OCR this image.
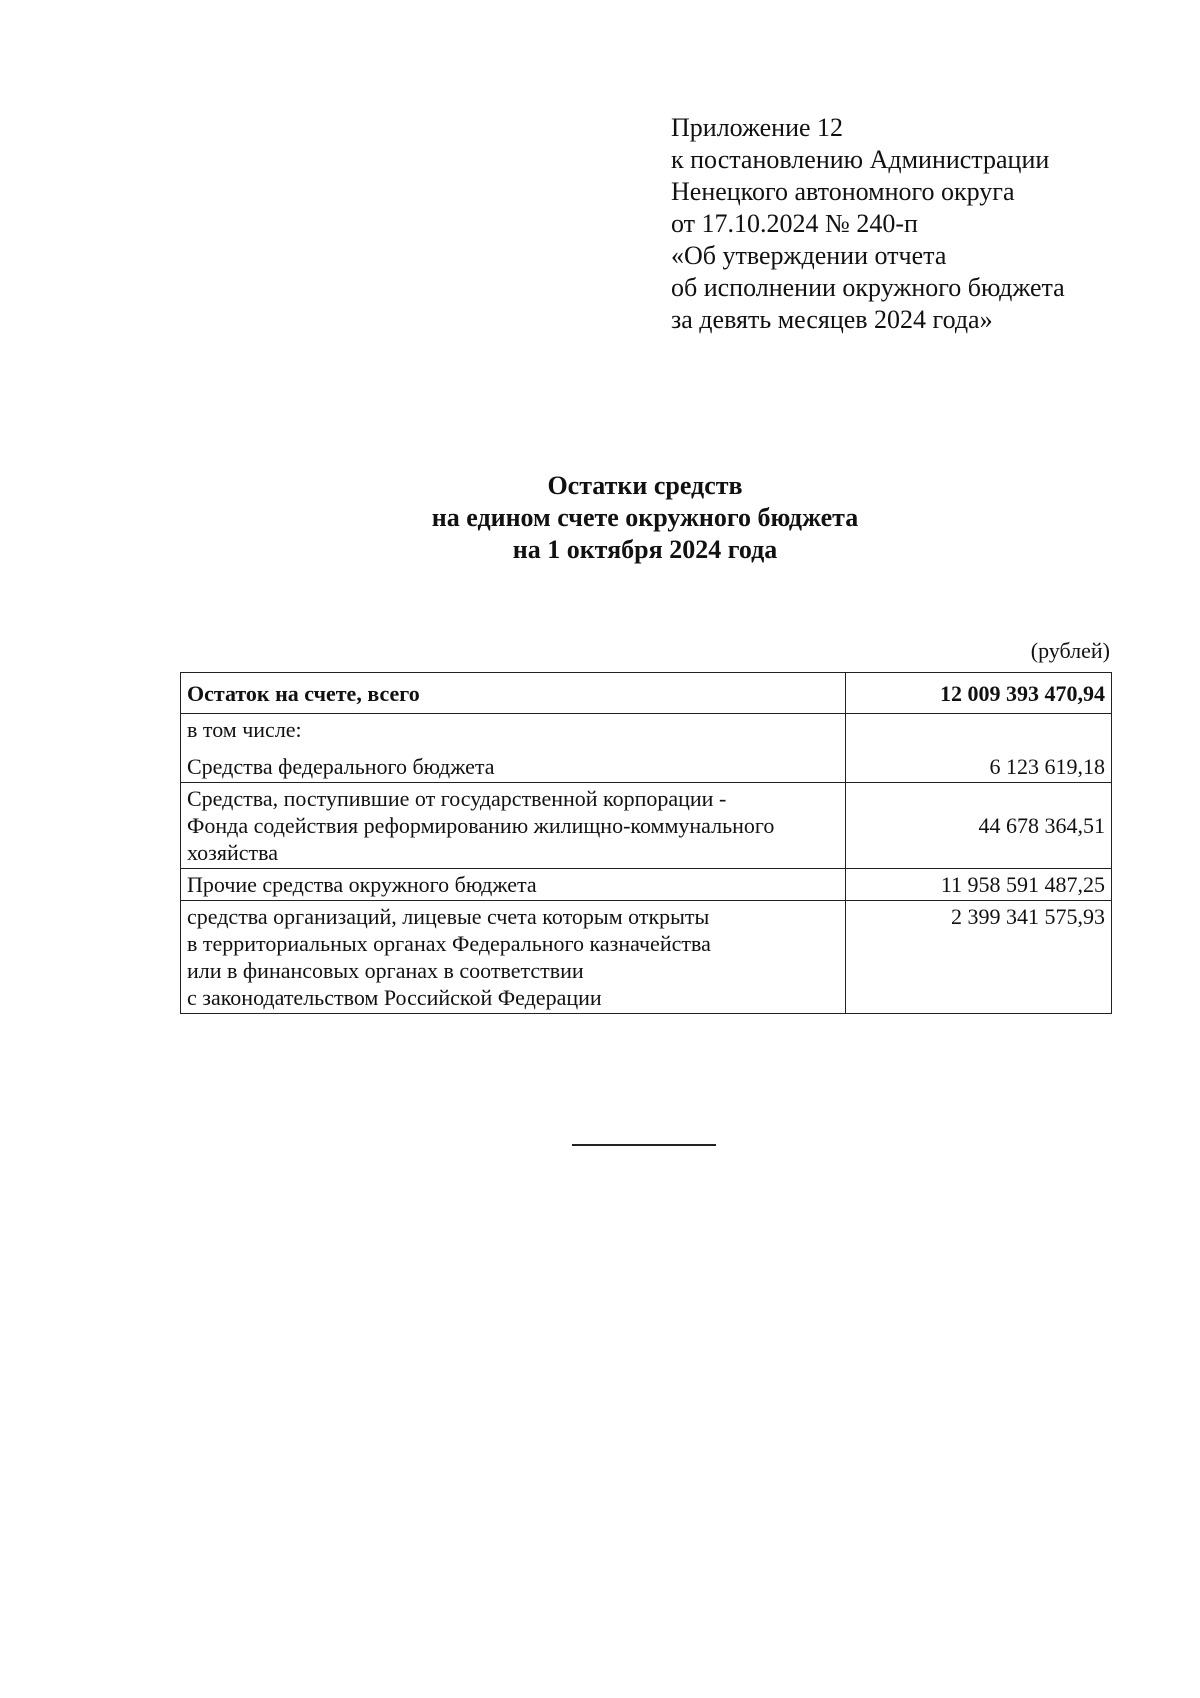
Приложение 12
к постановлению Администрации
Ненецкого автономного округа
от 17.10.2024 № 240-п
«Об утверждении отчета
об исполнении окружного бюджета
за девять месяцев 2024 года»
Остатки средств
на едином счете окружного бюджета
на 1 октября 2024 года
(рублей)
Остаток на счете, всего	12 009 393 470,94

в том числе:
Средства федерального бюджета	6 123 619,18

Средства, поступившие от государственной корпорации -
Фонда содействия реформированию жилищно-коммунального
хозяйства	44 678 364,51
Прочие средства окружного бюджета	11 958 591 487,25

средства организаций, лицевые счета которым открыты
в территориальных органах Федерального казначейства
или в финансовых органах в соответствии
с законодательством Российской Федерации	2 399 341 575,93
